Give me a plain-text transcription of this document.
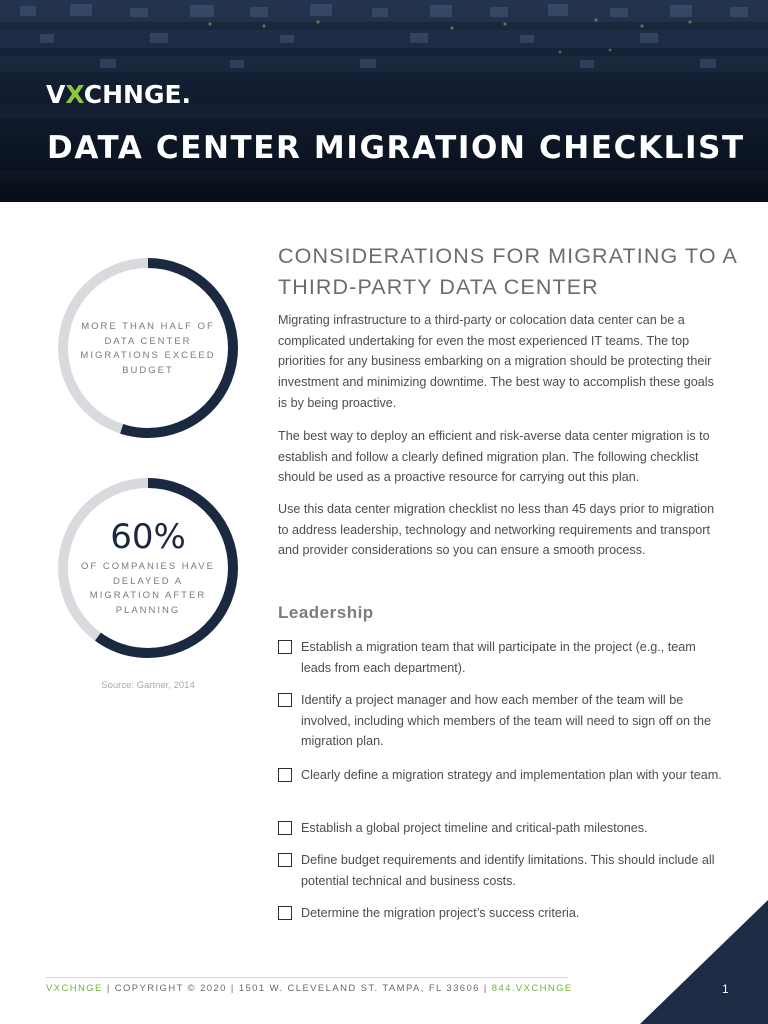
VXCHNGE.
DATA CENTER MIGRATION CHECKLIST
MORE THAN HALF OF DATA CENTER MIGRATIONS EXCEED BUDGET
60%
OF COMPANIES HAVE DELAYED A MIGRATION AFTER PLANNING
Source: Gartner, 2014
CONSIDERATIONS FOR MIGRATING TO A THIRD-PARTY DATA CENTER

Migrating infrastructure to a third-party or colocation data center can be a complicated undertaking for even the most experienced IT teams. The top priorities for any business embarking on a migration should be protecting their investment and minimizing downtime. The best way to accomplish these goals is by being proactive.

The best way to deploy an efficient and risk-averse data center migration is to establish and follow a clearly defined migration plan. The following checklist should be used as a proactive resource for carrying out this plan.

Use this data center migration checklist no less than 45 days prior to migration to address leadership, technology and networking requirements and transport and provider considerations so you can ensure a smooth process.

Leadership
Establish a migration team that will participate in the project (e.g., team leads from each department).
Identify a project manager and how each member of the team will be involved, including which members of the team will need to sign off on the migration plan.
Clearly define a migration strategy and implementation plan with your team.
Establish a global project timeline and critical-path milestones.
Define budget requirements and identify limitations. This should include all potential technical and business costs.
Determine the migration project’s success criteria.
VXCHNGE | COPYRIGHT © 2020 | 1501 W. CLEVELAND ST. TAMPA, FL 33606 | 844.VXCHNGE	1
